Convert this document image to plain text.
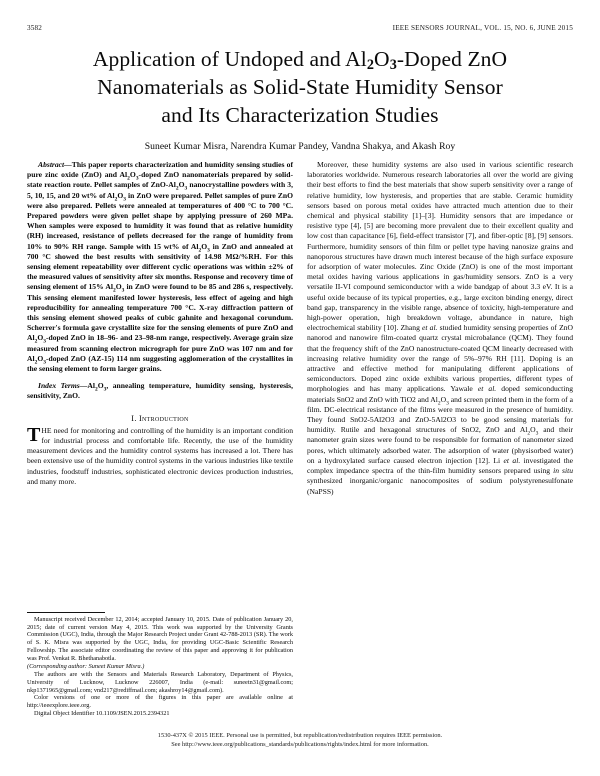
3582	IEEE SENSORS JOURNAL, VOL. 15, NO. 6, JUNE 2015
Application of Undoped and $Al_2O_3$-Doped ZnO
Nanomaterials as Solid-State Humidity Sensor
and Its Characterization Studies
Suneet Kumar Misra, Narendra Kumar Pandey, Vandna Shakya, and Akash Roy

Abstract—This paper reports characterization and humidity sensing studies of pure zinc oxide (ZnO) and $Al_2O_3$-doped ZnO nanomaterials prepared by solid-state reaction route. Pellet samples of ZnO-$Al_2O_3$ nanocrystalline powders with 3, 5, 10, 15, and 20 wt% of $Al_2O_3$ in ZnO were prepared. Pellet samples of pure ZnO were also prepared. Pellets were annealed at temperatures of 400 °C to 700 °C. Prepared powders were given pellet shape by applying pressure of 260 MPa. When samples were exposed to humidity it was found that as relative humidity (RH) increased, resistance of pellets decreased for the range of humidity from 10% to 90% RH range. Sample with 15 wt% of $Al_2O_3$ in ZnO and annealed at 700 °C showed the best results with sensitivity of 14.98 MΩ/%RH. For this sensing element repeatability over different cyclic operations was within ±2% of the measured values of sensitivity after six months. Response and recovery time of sensing element of 15% $Al_2O_3$ in ZnO were found to be 85 and 286 s, respectively. This sensing element manifested lower hysteresis, less effect of ageing and high reproducibility for annealing temperature 700 °C. X-ray diffraction pattern of this sensing element showed peaks of cubic gahnite and hexagonal corundum. Scherrer's formula gave crystallite size for the sensing elements of pure ZnO and $Al_2O_3$-doped ZnO in 18–96- and 23–98-nm range, respectively. Average grain size measured from scanning electron micrograph for pure ZnO was 107 nm and for $Al_2O_3$-doped ZnO (AZ-15) 114 nm suggesting agglomeration of the crystallites in the sensing element to form larger grains.

Index $Terms—Al_2O_3$, annealing temperature, humidity sensing, hysteresis, sensitivity, ZnO.

I. Introduction

THE need for monitoring and controlling of the humidity is an important condition for industrial process and comfortable life. Recently, the use of the humidity measurement devices and the humidity control systems has increased a lot. There has been extensive use of the humidity control systems in the various industries like textile industries, foodstuff industries, sophisticated electronic devices production industries, and many more.

Manuscript received December 12, 2014; accepted January 10, 2015. Date of publication January 20, 2015; date of current version May 4, 2015. This work was supported by the University Grants Commission (UGC), India, through the Major Research Project under Grant 42-788-2013 (SR). The work of S. K. Misra was supported by the UGC, India, for providing UGC-Basic Scientific Research Fellowship. The associate editor coordinating the review of this paper and approving it for publication was Prof. Venkat R. Bhethanabotla.

(Corresponding author: Suneet Kumar Misra.)

The authors are with the Sensors and Materials Research Laboratory, Department of Physics, University of Lucknow, Lucknow 226007, India (e-mail: suneetn31@gmail.com; nkp1371965@gmail.com; vnd217@rediffmail.com; akashroy14@gmail.com).

Color versions of one or more of the figures in this paper are available online at http://ieeexplore.ieee.org.

Digital Object Identifier 10.1109/JSEN.2015.2394321

Moreover, these humidity systems are also used in various scientific research laboratories worldwide. Numerous research laboratories all over the world are giving their best efforts to find the best materials that show superb sensitivity over a range of relative humidity, low hysteresis, and properties that are stable. Ceramic humidity sensors based on porous metal oxides have attracted much attention due to their chemical and physical stability [1]–[3]. Humidity sensors that are impedance or resistive type [4], [5] are becoming more prevalent due to their excellent quality and low cost than capacitance [6], field-effect transistor [7], and fiber-optic [8], [9] sensors. Furthermore, humidity sensors of thin film or pellet type having nanosize grains and nanoporous structures have drawn much interest because of the high surface exposure for adsorption of water molecules. Zinc Oxide (ZnO) is one of the most important metal oxides having various applications in gas/humidity sensors. ZnO is a very versatile II-VI compound semiconductor with a wide bandgap of about 3.3 eV. It is a useful oxide because of its typical properties, e.g., large exciton binding energy, direct band gap, transparency in the visible range, absence of toxicity, high-temperature and high-power operation, high breakdown voltage, abundance in nature, high electrochemical stability [10]. Zhang et al. studied humidity sensing properties of ZnO nanorod and nanowire film-coated quartz crystal microbalance (QCM). They found that the frequency shift of the ZnO nanostructure-coated QCM linearly decreased with increasing relative humidity over the range of 5%–97% RH [11]. Doping is an attractive and effective method for manipulating different applications of semiconductors. Doped zinc oxide exhibits various properties, different types of morphologies and has many applications. Yawale et al. doped semiconducting materials SnO2 and ZnO with TiO2 and $Al_2O_3$ and screen printed them in the form of a film. DC-electrical resistance of the films were measured in the presence of humidity. They found SnO2-5Al2O3 and ZnO-5Al2O3 to be good sensing materials for humidity. Rutile and hexagonal structures of SnO2, ZnO and $Al_2O_3$ and their nanometer grain sizes were found to be responsible for formation of nanometer sized pores, which ultimately adsorbed water. The adsorption of water (physisorbed water) on a hydroxylated surface caused electron injection [12]. Li et al. investigated the complex impedance spectra of the thin-film humidity sensors prepared using in situ synthesized inorganic/organic nanocomposites of sodium polystyrenesulfonate (NaPSS)

1530-437X © 2015 IEEE. Personal use is permitted, but republication/redistribution requires IEEE permission.
See http://www.ieee.org/publications_standards/publications/rights/index.html for more information.
